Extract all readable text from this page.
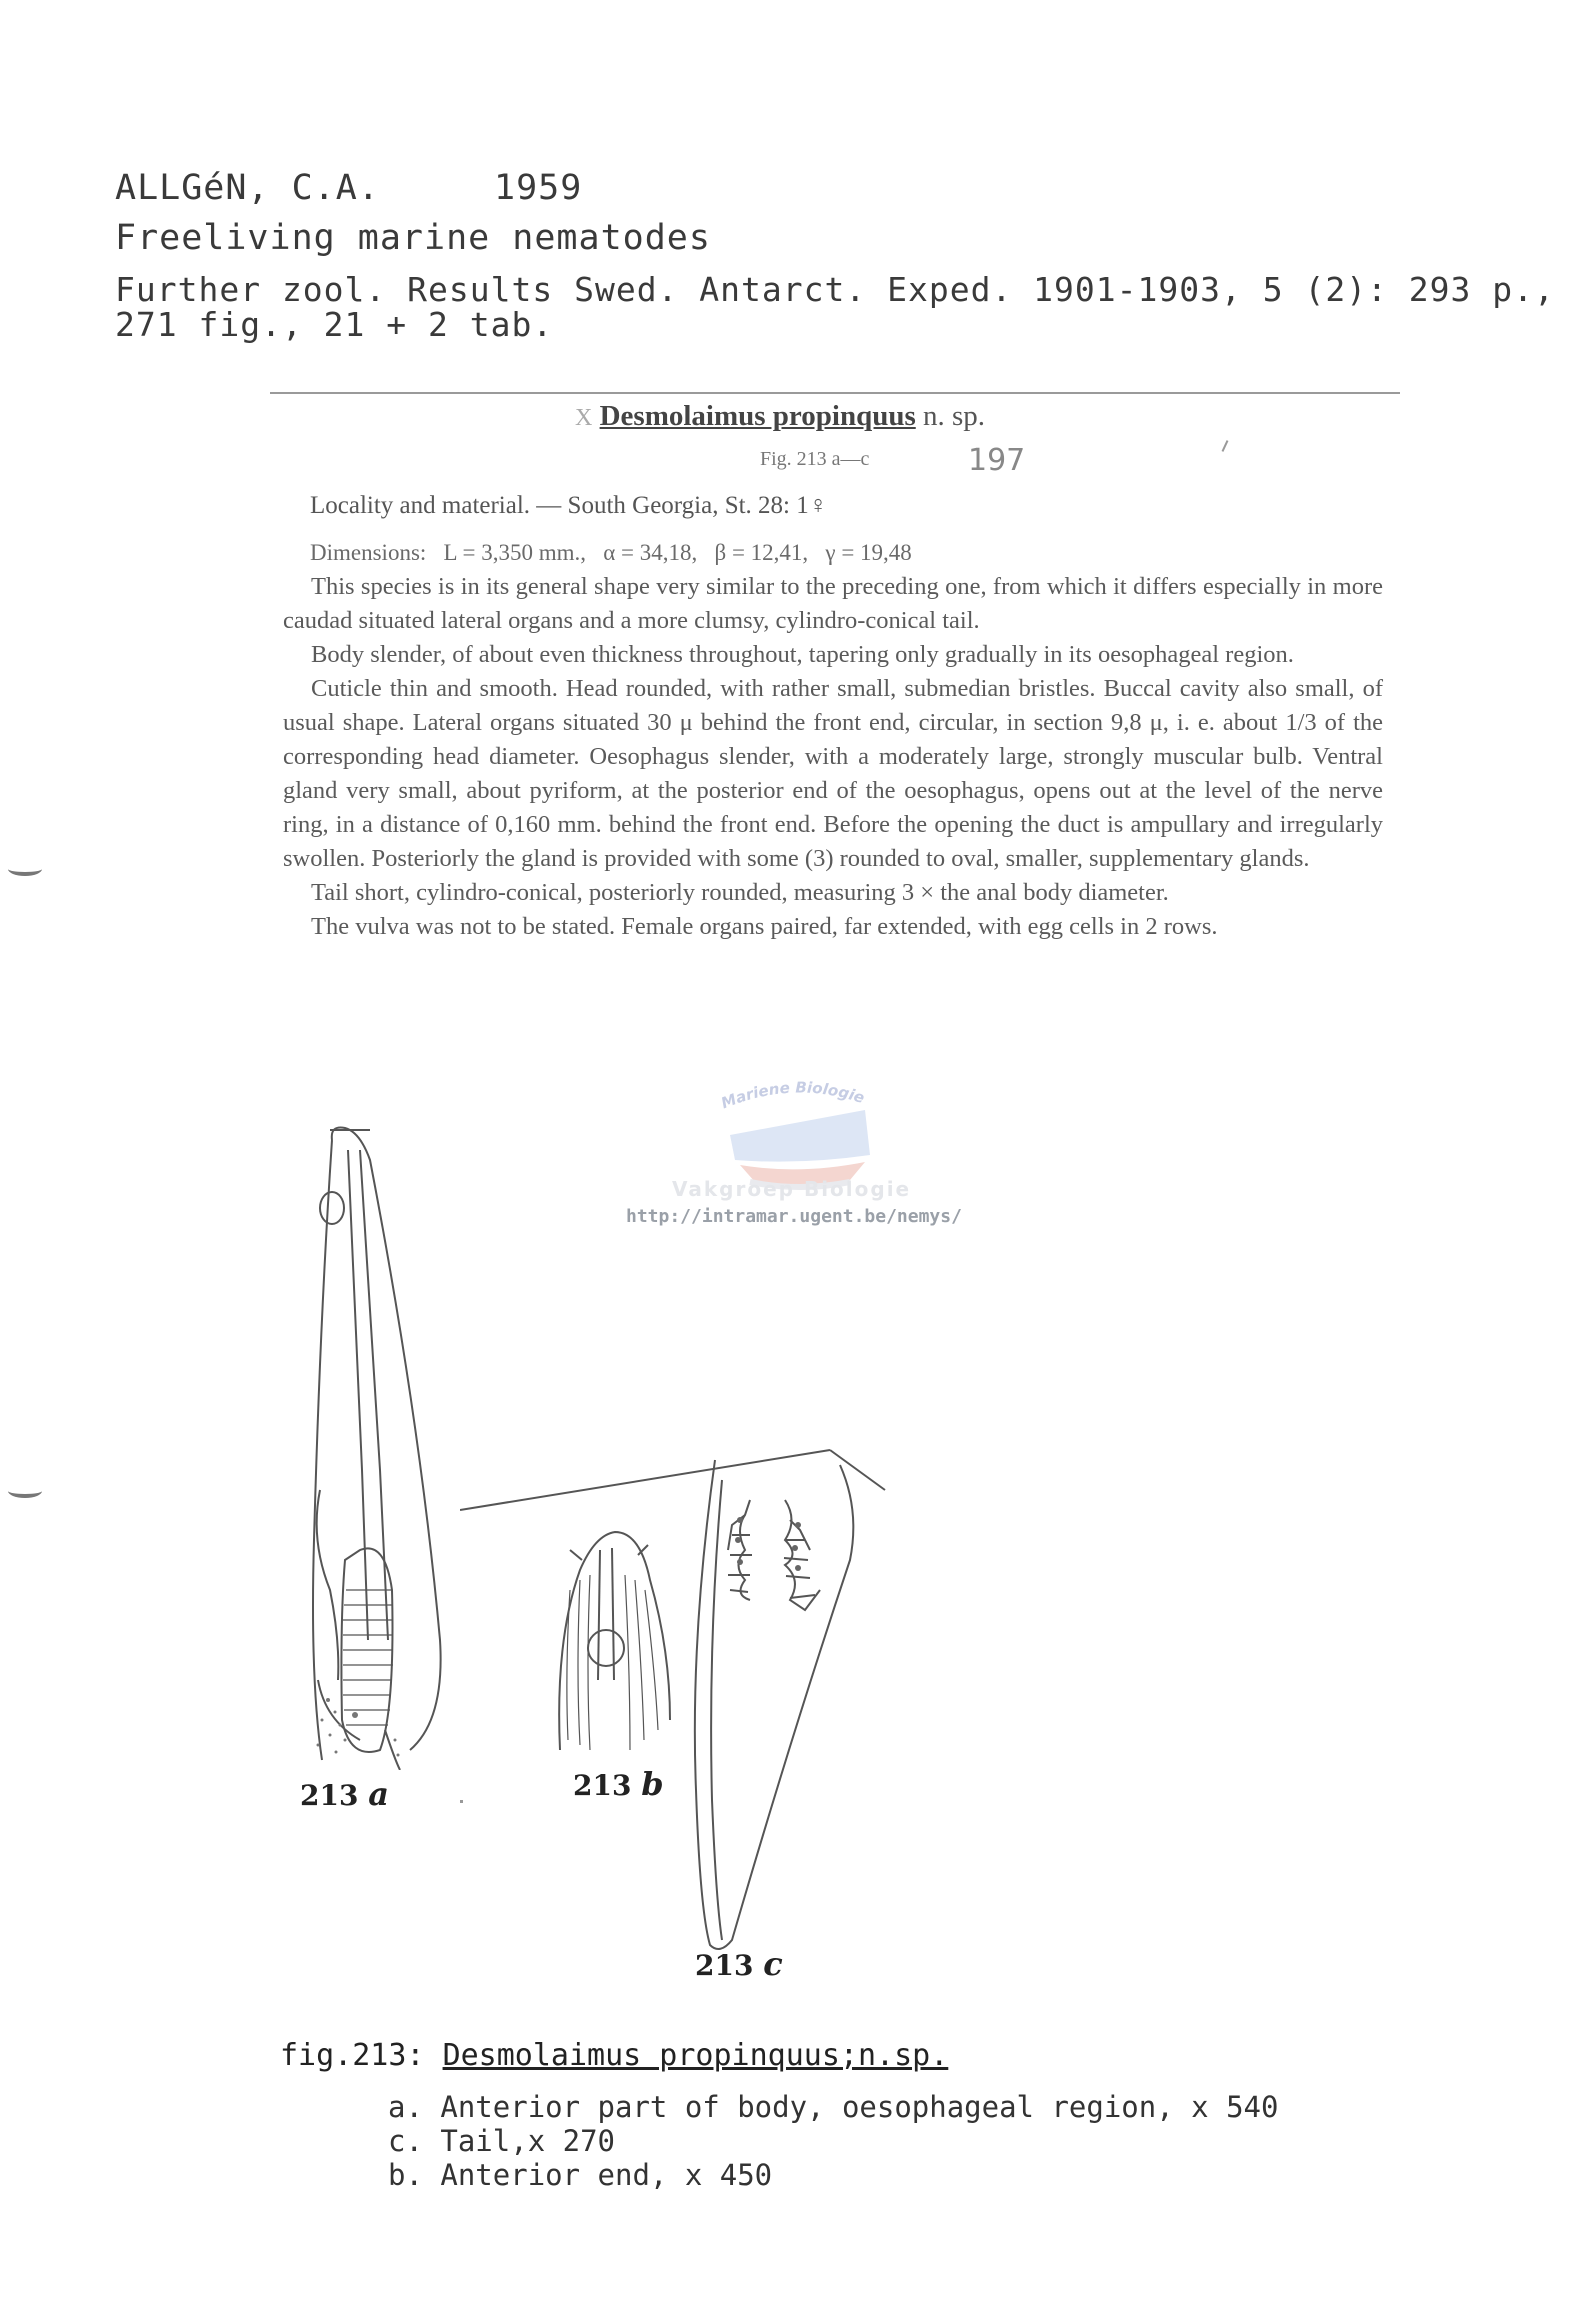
ALLGéN, C.A.	1959
Freeliving marine nematodes
Further zool. Results Swed. Antarct. Exped. 1901-1903, 5 (2): 293 p.,
271 fig., 21 + 2 tab.
X Desmolaimus propinquus n. sp.
Fig. 213 a—c	197
Locality and material. — South Georgia, St. 28: 1♀
Dimensions:   L = 3,350 mm.,   α = 34,18,   β = 12,41,   γ = 19,48

This species is in its general shape very similar to the preceding one, from which it differs especially in more caudad situated lateral organs and a more clumsy, cylindro-conical tail.

Body slender, of about even thickness throughout, tapering only gradually in its oesophageal region.

Cuticle thin and smooth. Head rounded, with rather small, submedian bristles. Buccal cavity also small, of usual shape. Lateral organs situated 30 μ behind the front end, circular, in section 9,8 μ, i. e. about 1/3 of the corresponding head diameter. Oesophagus slender, with a moderately large, strongly muscular bulb. Ventral gland very small, about pyriform, at the posterior end of the oesophagus, opens out at the level of the nerve ring, in a distance of 0,160 mm. behind the front end. Before the opening the duct is ampullary and irregularly swollen. Posteriorly the gland is provided with some (3) rounded to oval, smaller, supplementary glands.

Tail short, cylindro-conical, posteriorly rounded, measuring 3 × the anal body diameter.

The vulva was not to be stated. Female organs paired, far extended, with egg cells in 2 rows.

Mariene Biologie
Vakgroep Biologie
http://intramar.ugent.be/nemys/
213 a	213 b
213 c
fig.213: Desmolaimus propinquus;n.sp.
a. Anterior part of body, oesophageal region, x 540
c. Tail,x 270
b. Anterior end, x 450
